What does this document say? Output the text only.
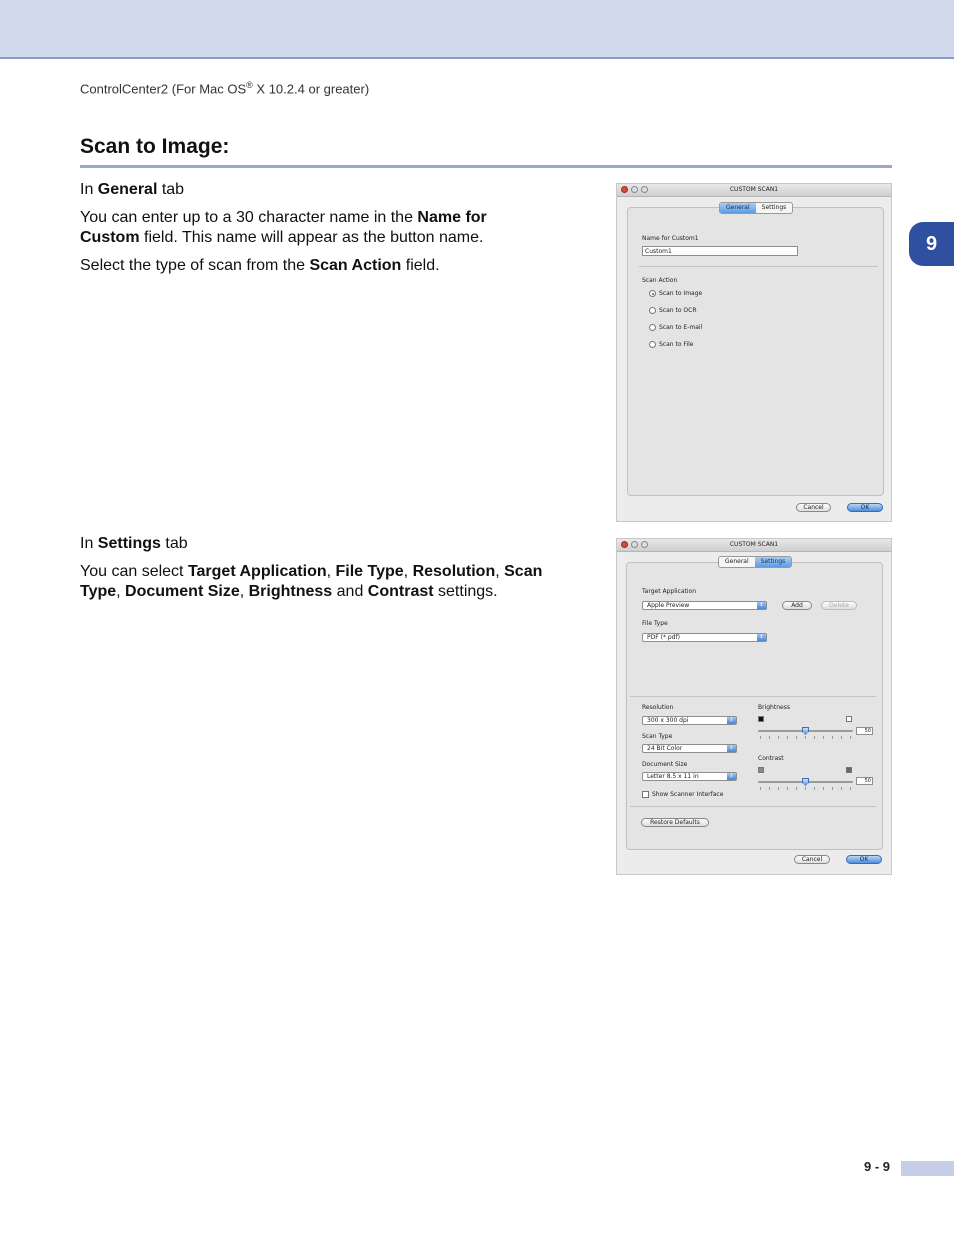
ControlCenter2 (For Mac OS® X 10.2.4 or greater)
9
Scan to Image:

In General tab

You can enter up to a 30 character name in the Name for Custom field. This name will appear as the button name.

Select the type of scan from the Scan Action field.

In Settings tab

You can select Target Application, File Type, Resolution, Scan Type, Document Size, Brightness and Contrast settings.

CUSTOM SCAN1
General	Settings
Name for Custom1
Custom1
Scan Action
Scan to Image
Scan to OCR
Scan to E-mail
Scan to File
Cancel	OK
CUSTOM SCAN1
General	Settings
Target Application
Apple Preview	⇕	Add	Delete
File Type
PDF (*.pdf)	⇕
Resolution
300 x 300 dpi	⇕
Scan Type
24 Bit Color	⇕
Document Size
Letter 8.5 x 11 in	⇕
Show Scanner Interface
Brightness
50
Contrast
50
Restore Defaults
Cancel	OK
9 - 9
